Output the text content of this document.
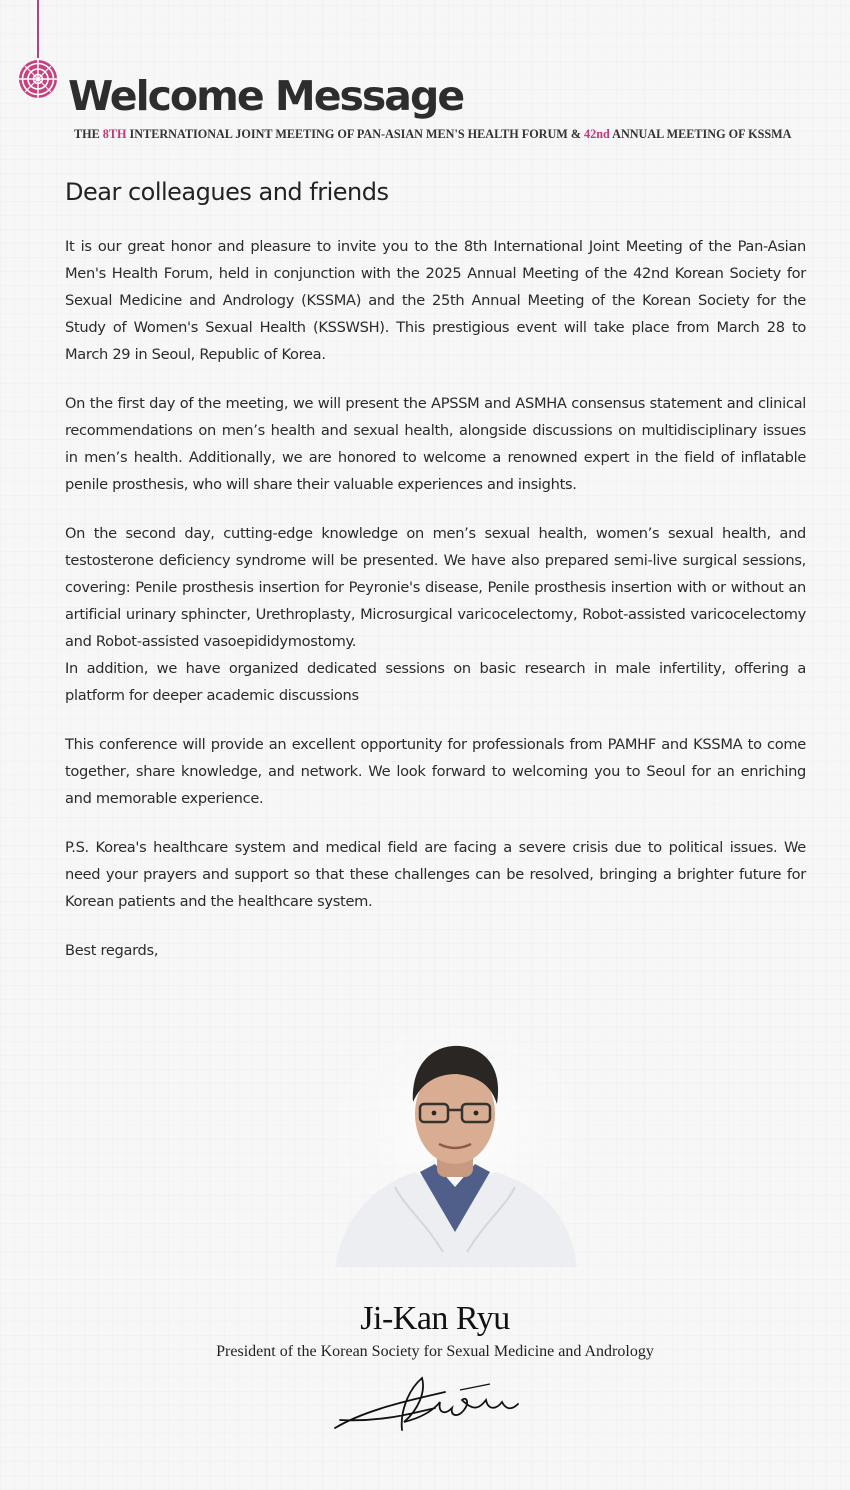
Welcome Message
THE 8TH INTERNATIONAL JOINT MEETING OF PAN-ASIAN MEN'S HEALTH FORUM & 42nd ANNUAL MEETING OF KSSMA
Dear colleagues and friends

It is our great honor and pleasure to invite you to the 8th International Joint Meeting of the Pan-Asian Men's Health Forum, held in conjunction with the 2025 Annual Meeting of the 42nd Korean Society for Sexual Medicine and Andrology (KSSMA) and the 25th Annual Meeting of the Korean Society for the Study of Women's Sexual Health (KSSWSH). This prestigious event will take place from March 28 to March 29 in Seoul, Republic of Korea.

On the first day of the meeting, we will present the APSSM and ASMHA consensus statement and clinical recommendations on men’s health and sexual health, alongside discussions on multidisciplinary issues in men’s health. Additionally, we are honored to welcome a renowned expert in the field of inflatable penile prosthesis, who will share their valuable experiences and insights.

On the second day, cutting-edge knowledge on men’s sexual health, women’s sexual health, and testosterone deficiency syndrome will be presented. We have also prepared semi-live surgical sessions, covering: Penile prosthesis insertion for Peyronie's disease, Penile prosthesis insertion with or without an artificial urinary sphincter, Urethroplasty, Microsurgical varicocelectomy, Robot-assisted varicocelectomy and Robot-assisted vasoepididymostomy.

In addition, we have organized dedicated sessions on basic research in male infertility, offering a platform for deeper academic discussions

This conference will provide an excellent opportunity for professionals from PAMHF and KSSMA to come together, share knowledge, and network. We look forward to welcoming you to Seoul for an enriching and memorable experience.

P.S. Korea's healthcare system and medical field are facing a severe crisis due to political issues. We need your prayers and support so that these challenges can be resolved, bringing a brighter future for Korean patients and the healthcare system.

Best regards,

Ji-Kan Ryu
President of the Korean Society for Sexual Medicine and Andrology
